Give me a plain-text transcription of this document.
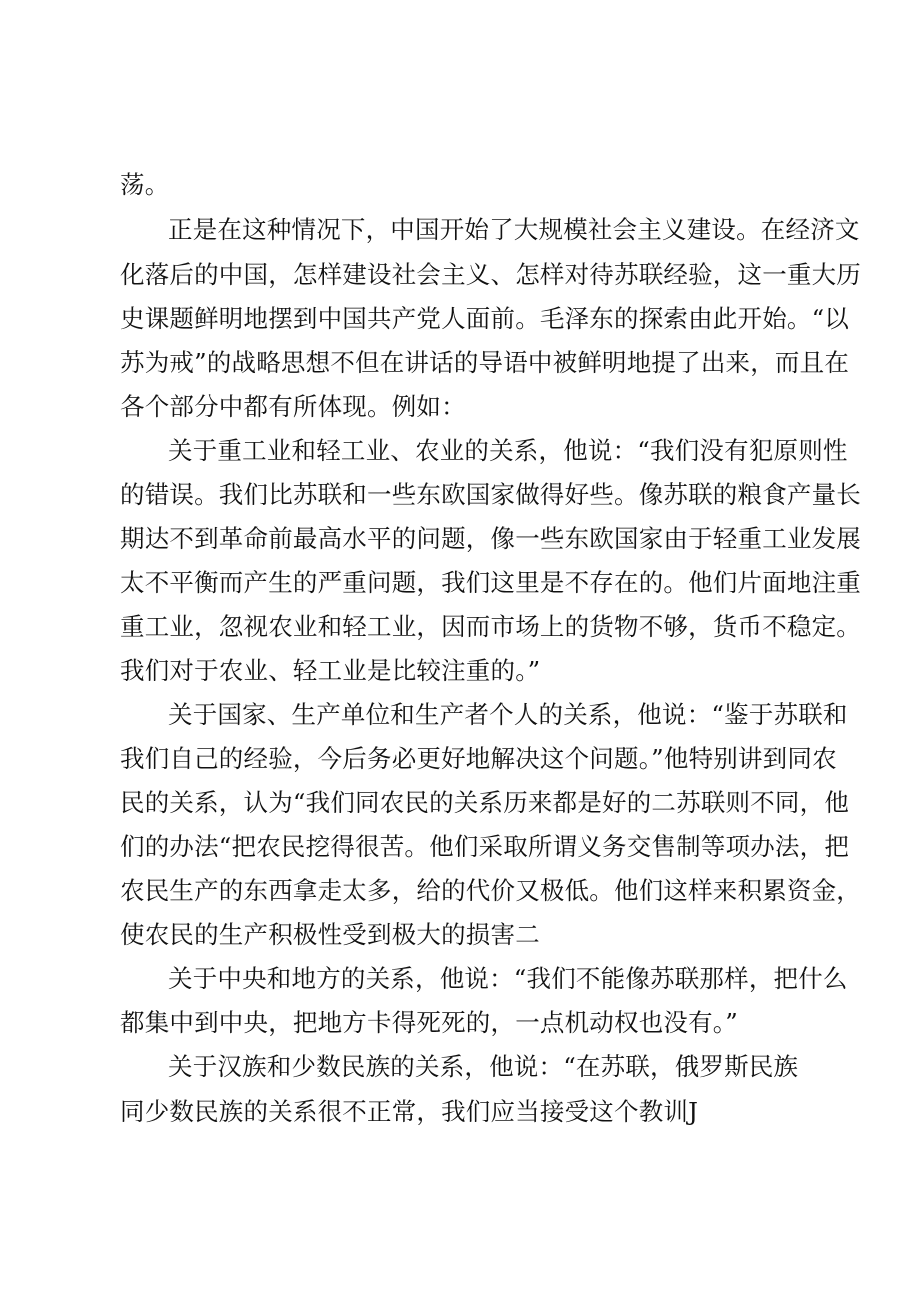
荡。
正是在这种情况下，中国开始了大规模社会主义建设。在经济文
化落后的中国，怎样建设社会主义、怎样对待苏联经验，这一重大历
史课题鲜明地摆到中国共产党人面前。毛泽东的探索由此开始。“以
苏为戒”的战略思想不但在讲话的导语中被鲜明地提了出来，而且在
各个部分中都有所体现。例如：
关于重工业和轻工业、农业的关系，他说：“我们没有犯原则性
的错误。我们比苏联和一些东欧国家做得好些。像苏联的粮食产量长
期达不到革命前最高水平的问题，像一些东欧国家由于轻重工业发展
太不平衡而产生的严重问题，我们这里是不存在的。他们片面地注重
重工业，忽视农业和轻工业，因而市场上的货物不够，货币不稳定。
我们对于农业、轻工业是比较注重的。”
关于国家、生产单位和生产者个人的关系，他说：“鉴于苏联和
我们自己的经验，今后务必更好地解决这个问题。”他特别讲到同农
民的关系，认为“我们同农民的关系历来都是好的二苏联则不同，他
们的办法“把农民挖得很苦。他们采取所谓义务交售制等项办法，把
农民生产的东西拿走太多，给的代价又极低。他们这样来积累资金，
使农民的生产积极性受到极大的损害二
关于中央和地方的关系，他说：“我们不能像苏联那样，把什么
都集中到中央，把地方卡得死死的，一点机动权也没有。”
关于汉族和少数民族的关系，他说：“在苏联，俄罗斯民族
同少数民族的关系很不正常，我们应当接受这个教训J
